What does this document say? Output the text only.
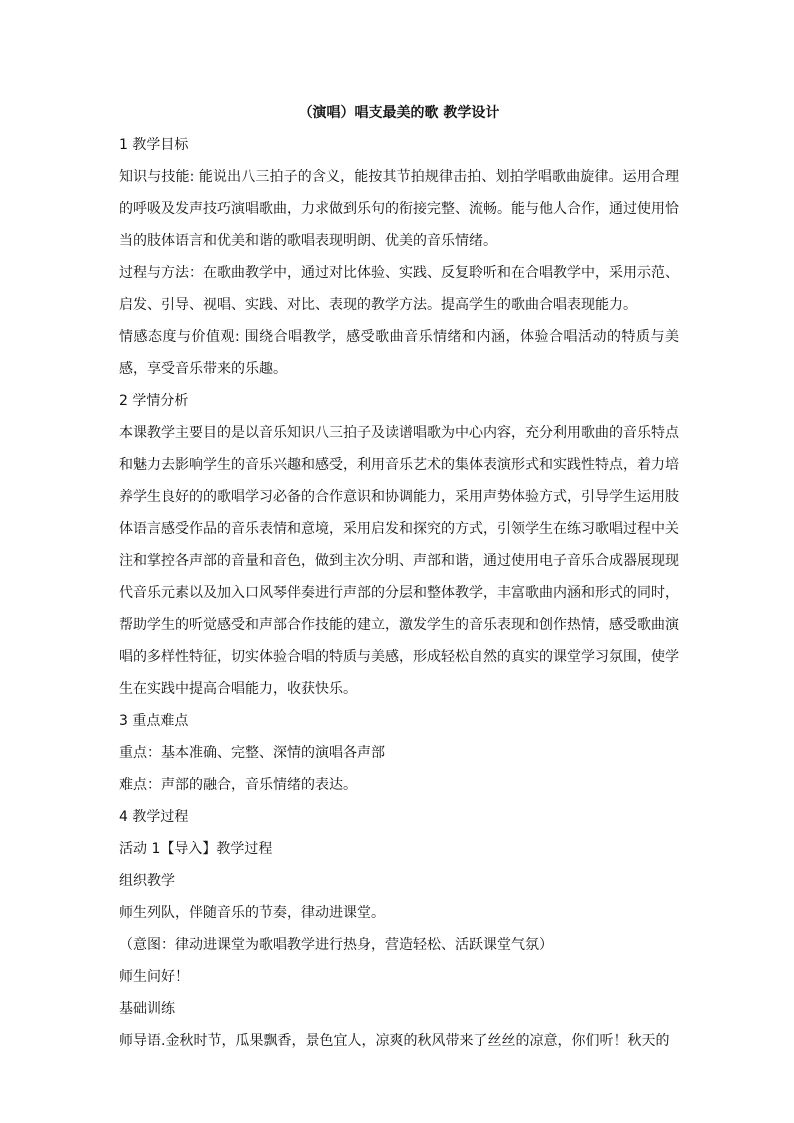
（演唱）唱支最美的歌 教学设计
1 教学目标
知识与技能: 能说出八三拍子的含义，能按其节拍规律击拍、划拍学唱歌曲旋律。运用合理的呼吸及发声技巧演唱歌曲，力求做到乐句的衔接完整、流畅。能与他人合作，通过使用恰当的肢体语言和优美和谐的歌唱表现明朗、优美的音乐情绪。
过程与方法：在歌曲教学中，通过对比体验、实践、反复聆听和在合唱教学中，采用示范、启发、引导、视唱、实践、对比、表现的教学方法。提高学生的歌曲合唱表现能力。
情感态度与价值观: 围绕合唱教学，感受歌曲音乐情绪和内涵，体验合唱活动的特质与美感，享受音乐带来的乐趣。
2 学情分析
本课教学主要目的是以音乐知识八三拍子及读谱唱歌为中心内容，充分利用歌曲的音乐特点和魅力去影响学生的音乐兴趣和感受，利用音乐艺术的集体表演形式和实践性特点，着力培养学生良好的的歌唱学习必备的合作意识和协调能力，采用声势体验方式，引导学生运用肢体语言感受作品的音乐表情和意境，采用启发和探究的方式，引领学生在练习歌唱过程中关注和掌控各声部的音量和音色，做到主次分明、声部和谐，通过使用电子音乐合成器展现现代音乐元素以及加入口风琴伴奏进行声部的分层和整体教学，丰富歌曲内涵和形式的同时，帮助学生的听觉感受和声部合作技能的建立，激发学生的音乐表现和创作热情，感受歌曲演唱的多样性特征，切实体验合唱的特质与美感，形成轻松自然的真实的课堂学习氛围，使学生在实践中提高合唱能力，收获快乐。
3 重点难点
重点：基本准确、完整、深情的演唱各声部
难点：声部的融合，音乐情绪的表达。
4 教学过程
活动 1【导入】教学过程
组织教学
师生列队，伴随音乐的节奏，律动进课堂。
（意图：律动进课堂为歌唱教学进行热身，营造轻松、活跃课堂气氛）
师生问好！
基础训练
师导语.金秋时节，瓜果飘香，景色宜人，凉爽的秋风带来了丝丝的凉意，你们听！秋天的
